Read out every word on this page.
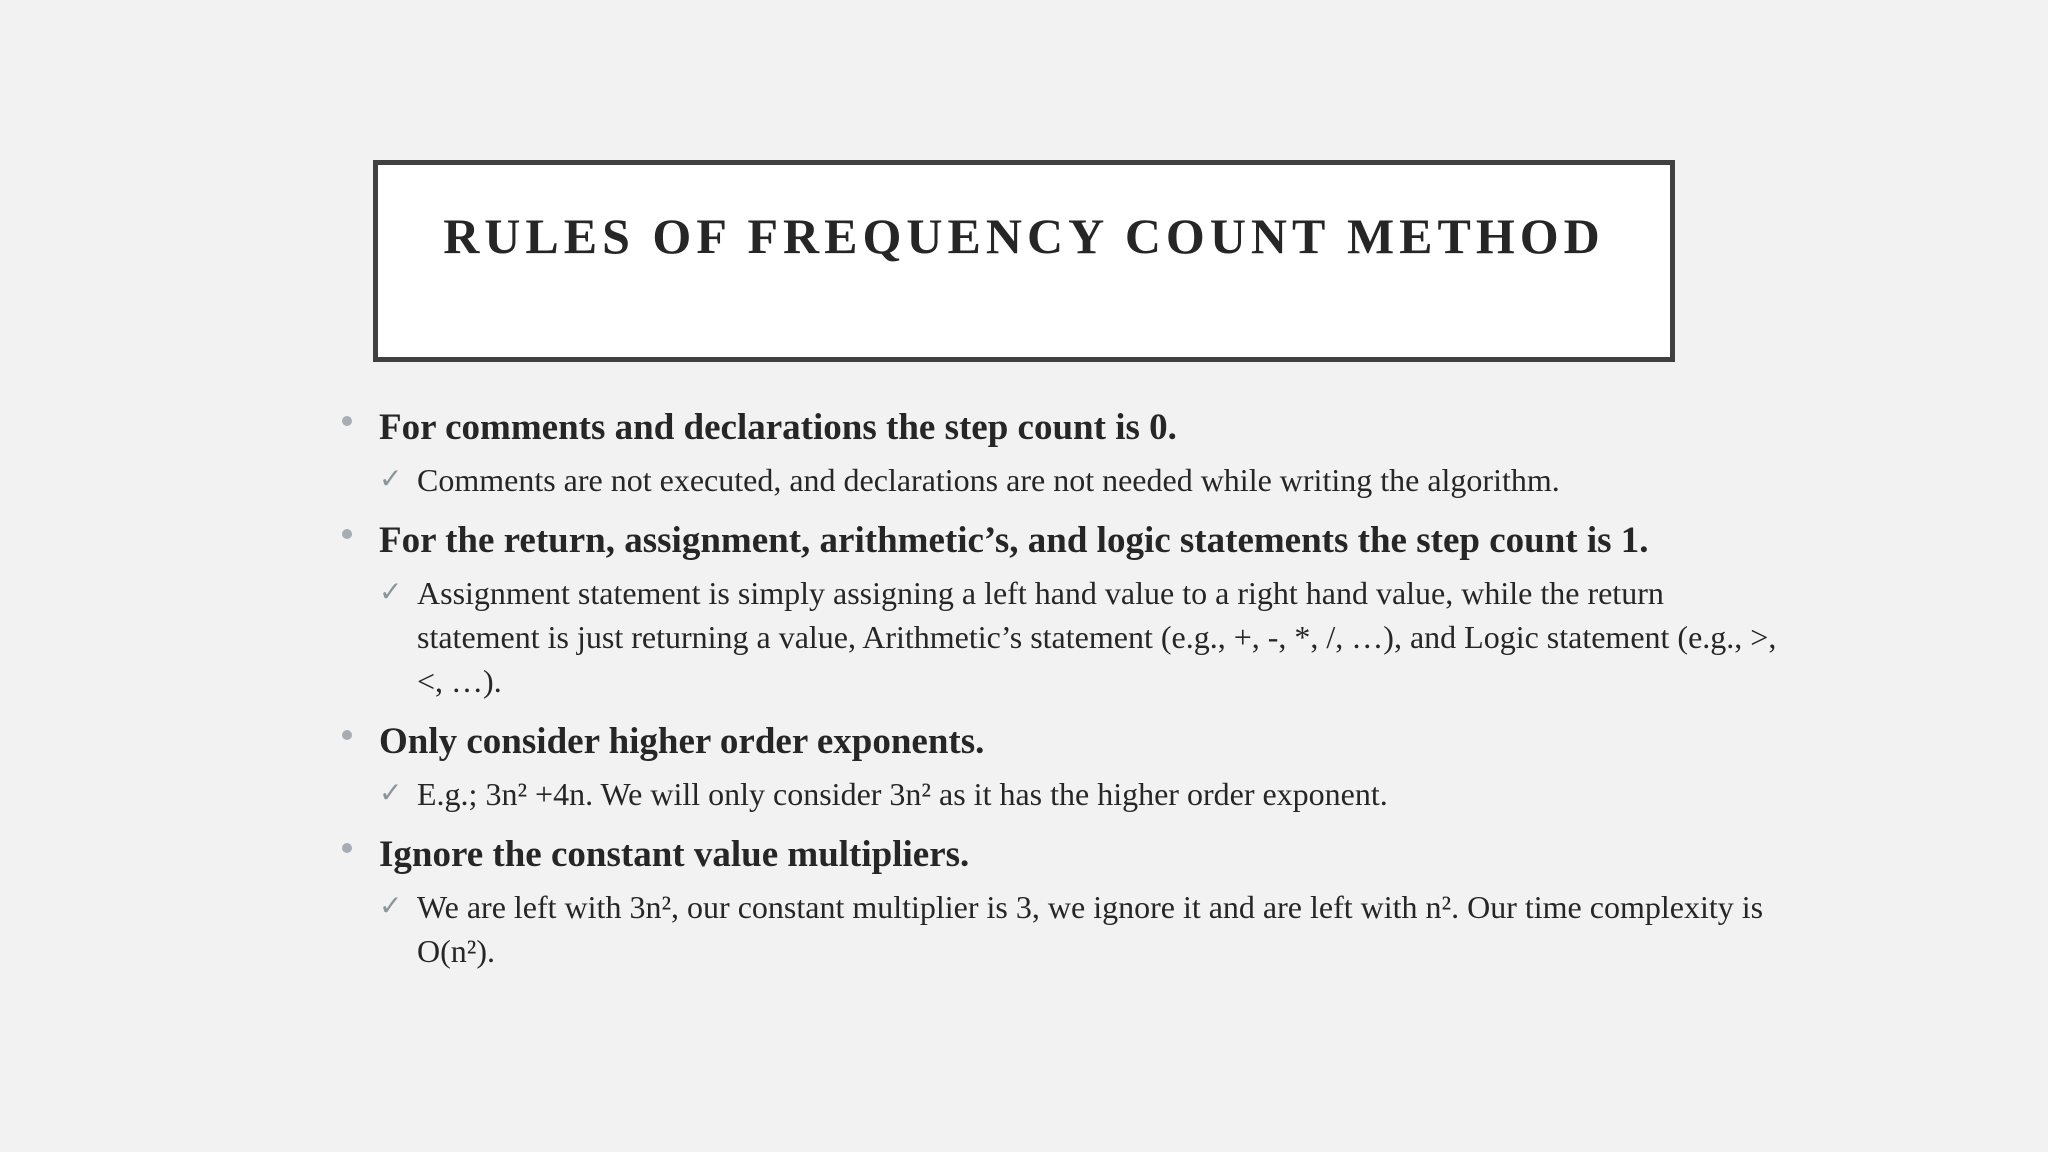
RULES OF FREQUENCY COUNT METHOD
For comments and declarations the step count is 0.
✓ Comments are not executed, and declarations are not needed while writing the algorithm.
For the return, assignment, arithmetic’s, and logic statements the step count is 1.
✓ Assignment statement is simply assigning a left hand value to a right hand value, while the return statement is just returning a value, Arithmetic’s statement (e.g., +, -, *, /, …), and Logic statement (e.g., >, <, …).
Only consider higher order exponents.
✓ E.g.; 3n² +4n. We will only consider 3n² as it has the higher order exponent.
Ignore the constant value multipliers.
✓ We are left with 3n², our constant multiplier is 3, we ignore it and are left with n². Our time complexity is O(n²).
